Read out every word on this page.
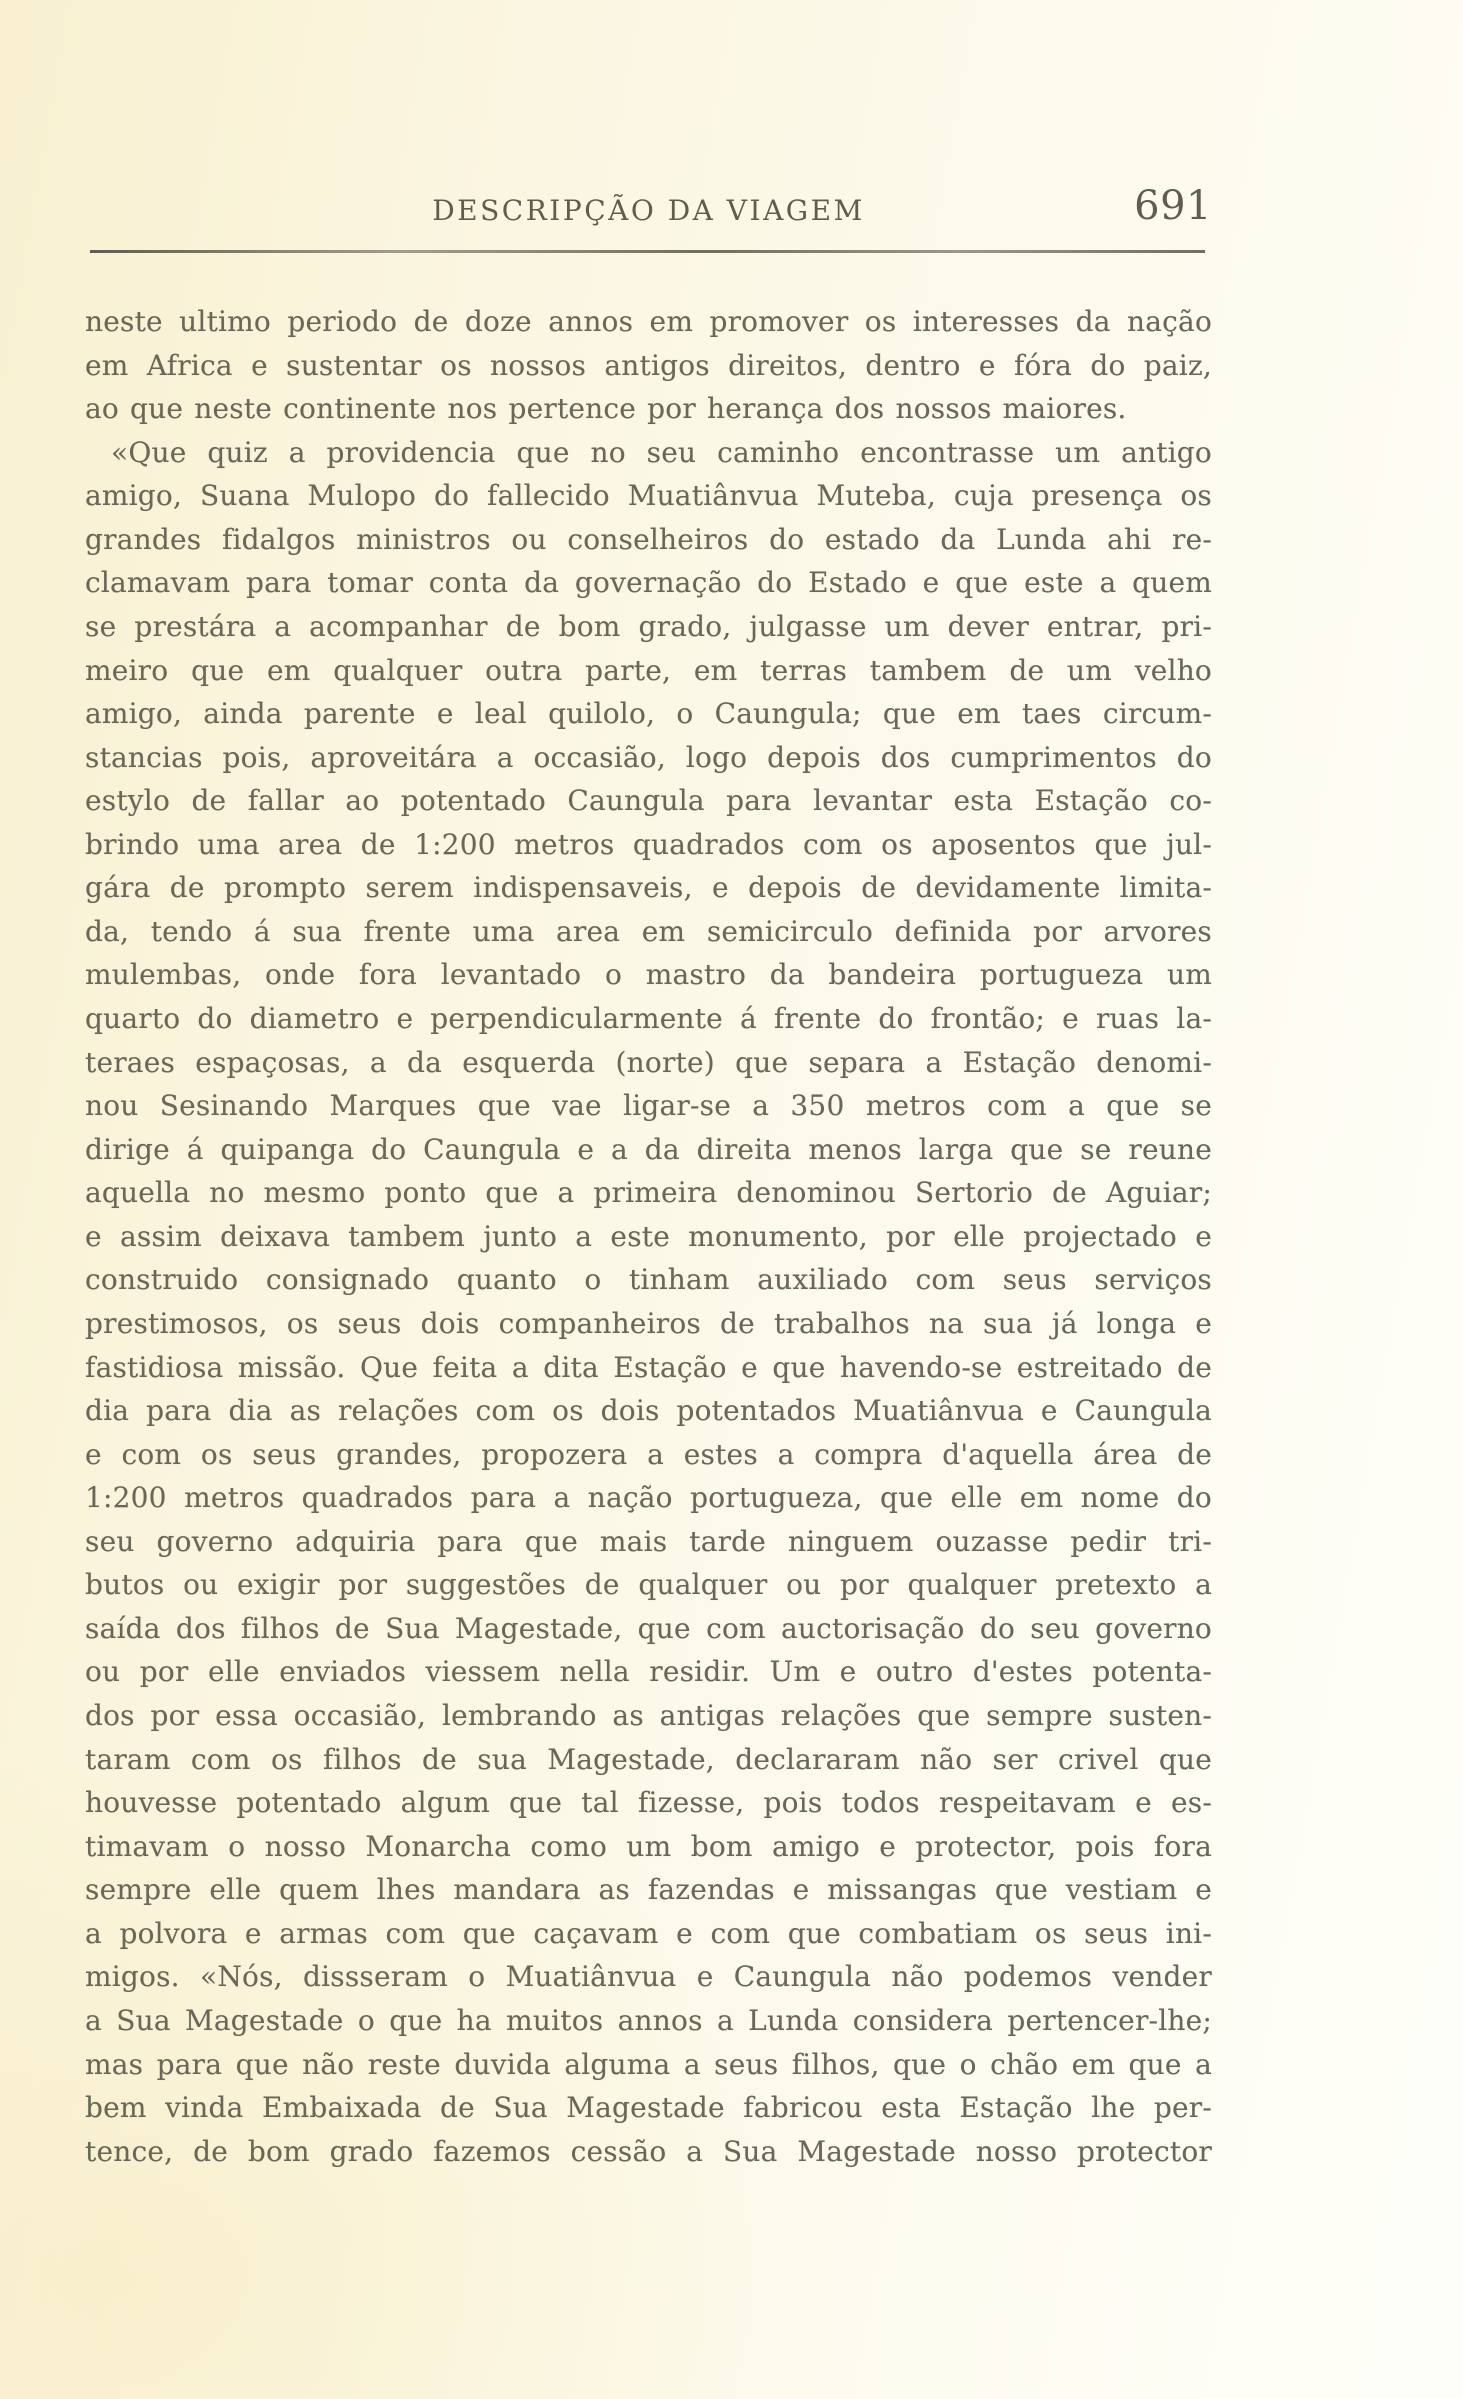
DESCRIPÇÃO DA VIAGEM	691
neste ultimo periodo de doze annos em promover os interesses da nação
em Africa e sustentar os nossos antigos direitos, dentro e fóra do paiz,
ao que neste continente nos pertence por herança dos nossos maiores.
«Que quiz a providencia que no seu caminho encontrasse um antigo
amigo, Suana Mulopo do fallecido Muatiânvua Muteba, cuja presença os
grandes fidalgos ministros ou conselheiros do estado da Lunda ahi re-
clamavam para tomar conta da governação do Estado e que este a quem
se prestára a acompanhar de bom grado, julgasse um dever entrar, pri-
meiro que em qualquer outra parte, em terras tambem de um velho
amigo, ainda parente e leal quilolo, o Caungula; que em taes circum-
stancias pois, aproveitára a occasião, logo depois dos cumprimentos do
estylo de fallar ao potentado Caungula para levantar esta Estação co-
brindo uma area de 1:200 metros quadrados com os aposentos que jul-
gára de prompto serem indispensaveis, e depois de devidamente limita-
da, tendo á sua frente uma area em semicirculo definida por arvores
mulembas, onde fora levantado o mastro da bandeira portugueza um
quarto do diametro e perpendicularmente á frente do frontão; e ruas la-
teraes espaçosas, a da esquerda (norte) que separa a Estação denomi-
nou Sesinando Marques que vae ligar-se a 350 metros com a que se
dirige á quipanga do Caungula e a da direita menos larga que se reune
aquella no mesmo ponto que a primeira denominou Sertorio de Aguiar;
e assim deixava tambem junto a este monumento, por elle projectado e
construido consignado quanto o tinham auxiliado com seus serviços
prestimosos, os seus dois companheiros de trabalhos na sua já longa e
fastidiosa missão. Que feita a dita Estação e que havendo-se estreitado de
dia para dia as relações com os dois potentados Muatiânvua e Caungula
e com os seus grandes, propozera a estes a compra d'aquella área de
1:200 metros quadrados para a nação portugueza, que elle em nome do
seu governo adquiria para que mais tarde ninguem ouzasse pedir tri-
butos ou exigir por suggestões de qualquer ou por qualquer pretexto a
saída dos filhos de Sua Magestade, que com auctorisação do seu governo
ou por elle enviados viessem nella residir. Um e outro d'estes potenta-
dos por essa occasião, lembrando as antigas relações que sempre susten-
taram com os filhos de sua Magestade, declararam não ser crivel que
houvesse potentado algum que tal fizesse, pois todos respeitavam e es-
timavam o nosso Monarcha como um bom amigo e protector, pois fora
sempre elle quem lhes mandara as fazendas e missangas que vestiam e
a polvora e armas com que caçavam e com que combatiam os seus ini-
migos. «Nós, dissseram o Muatiânvua e Caungula não podemos vender
a Sua Magestade o que ha muitos annos a Lunda considera pertencer-lhe;
mas para que não reste duvida alguma a seus filhos, que o chão em que a
bem vinda Embaixada de Sua Magestade fabricou esta Estação lhe per-
tence, de bom grado fazemos cessão a Sua Magestade nosso protector
